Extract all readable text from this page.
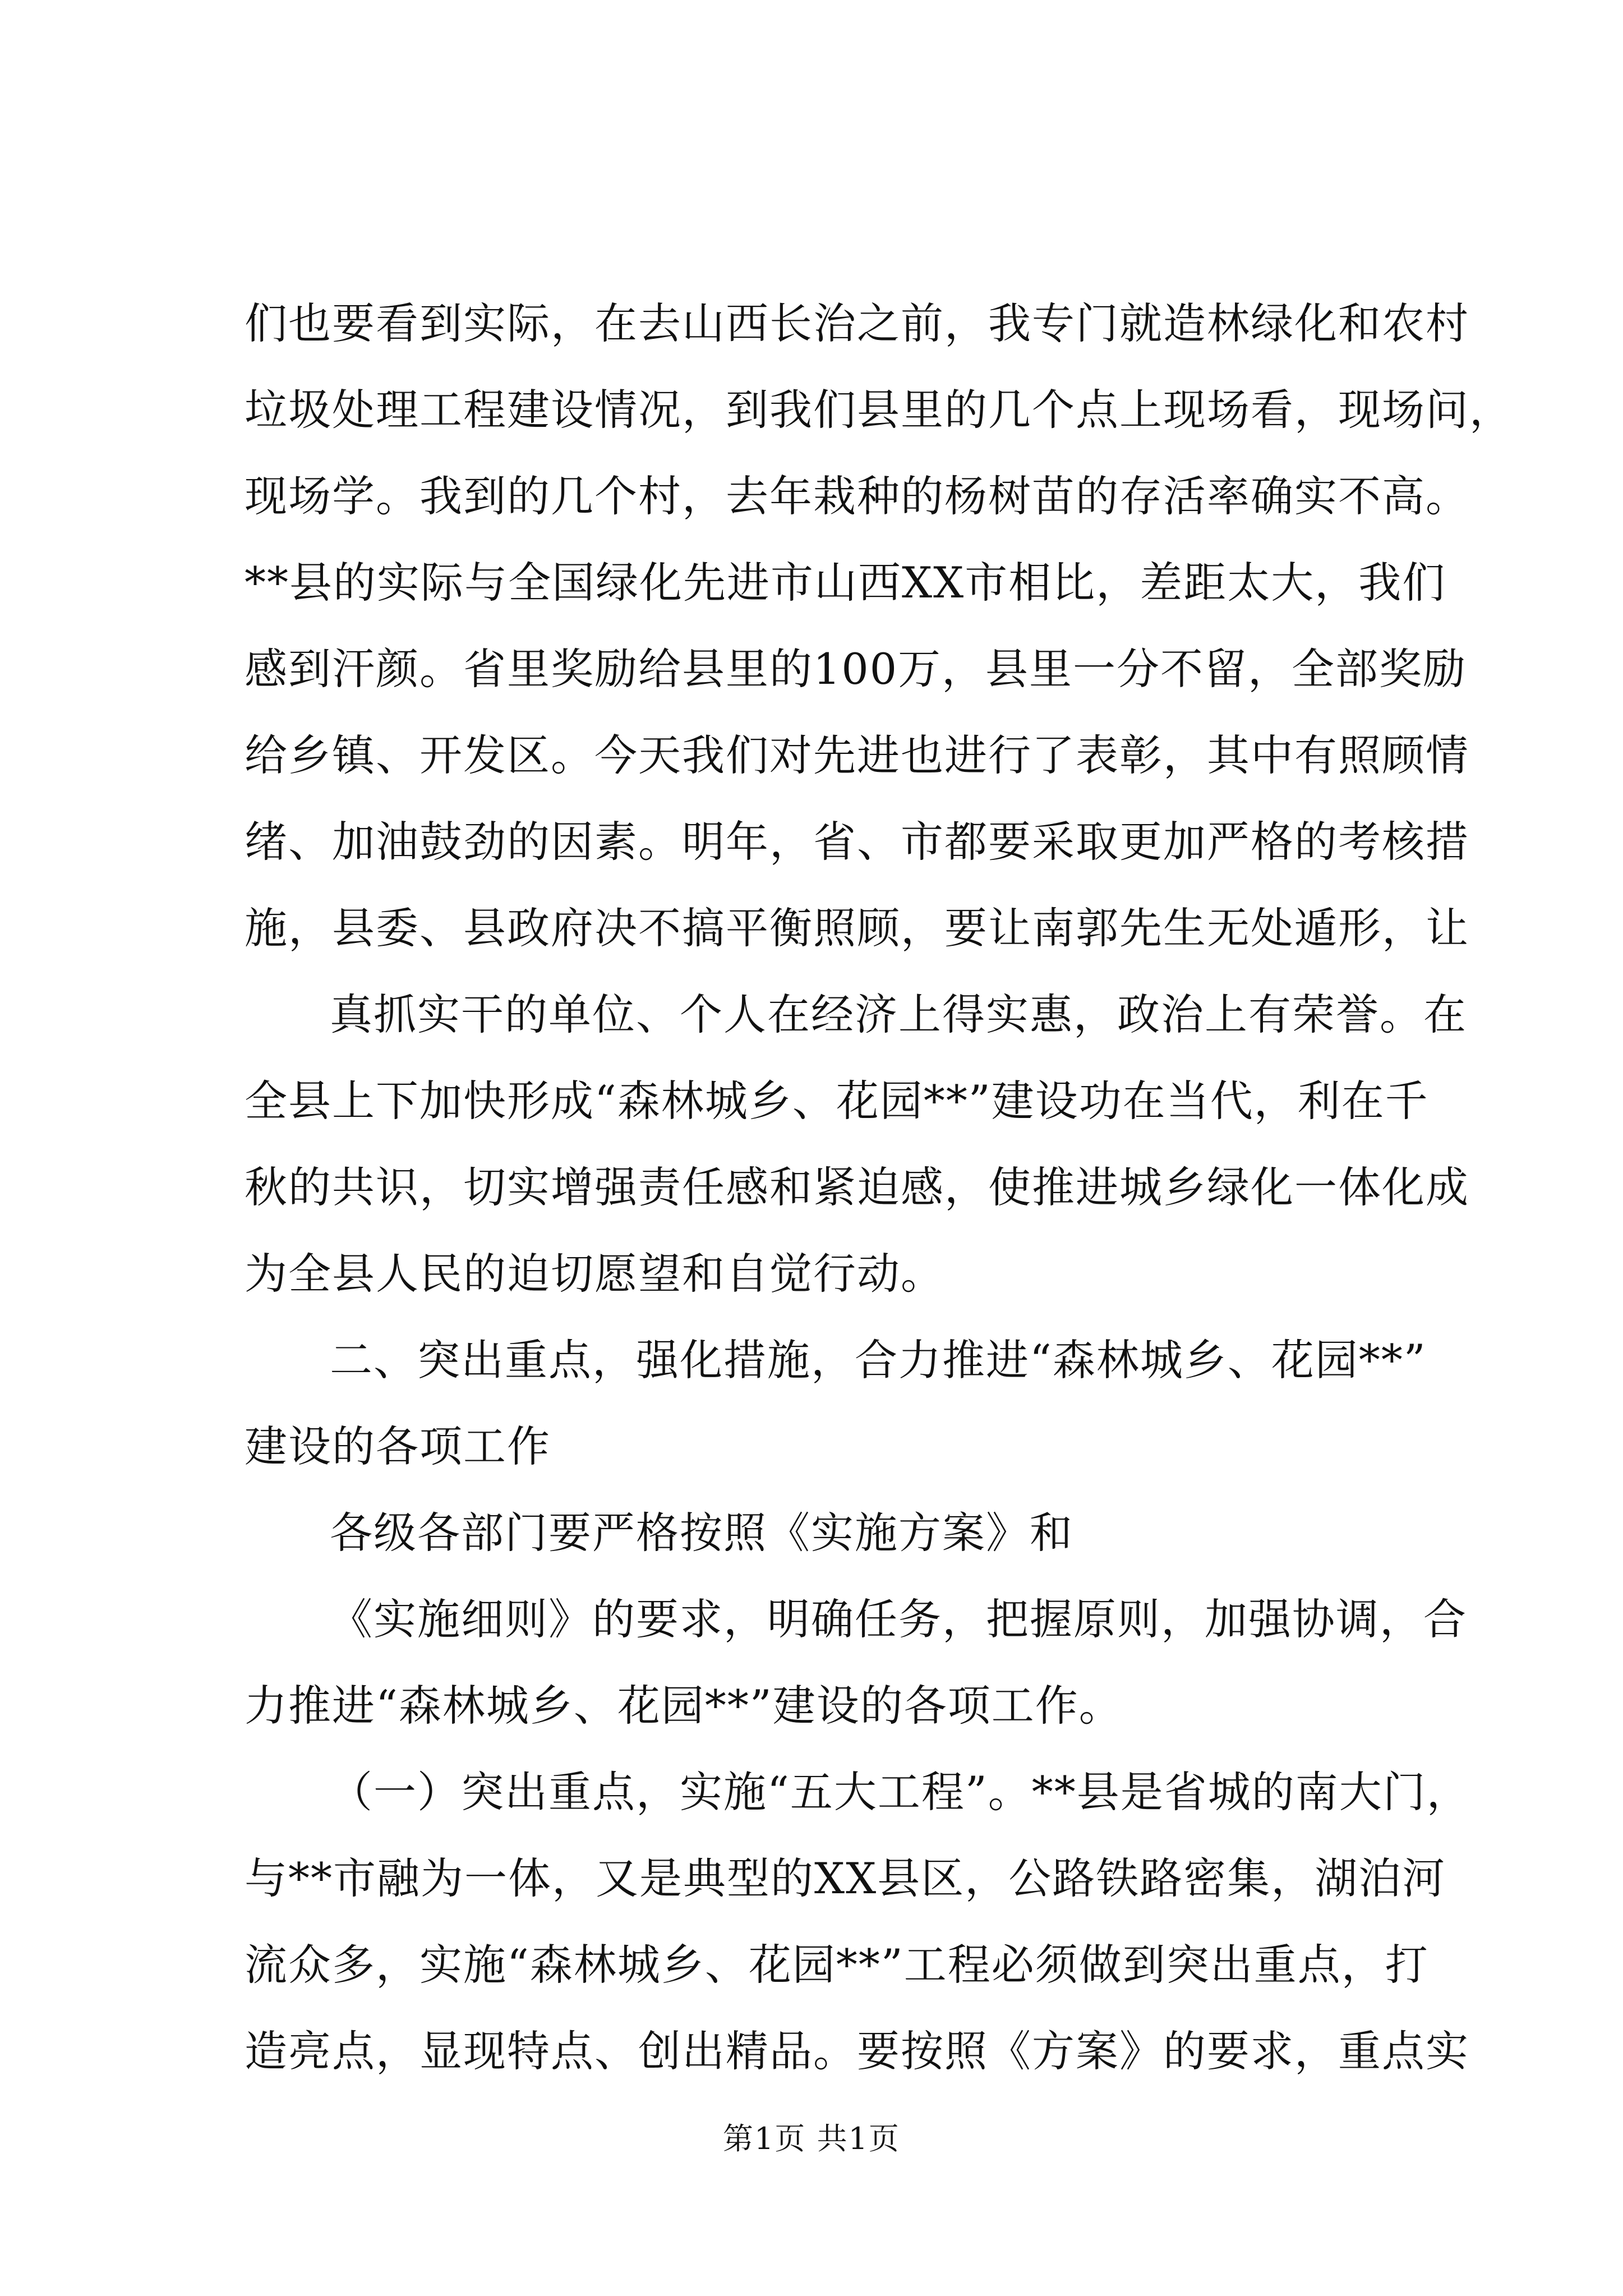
们也要看到实际，在去山西长治之前，我专门就造林绿化和农村
垃圾处理工程建设情况，到我们县里的几个点上现场看，现场问，
现场学。我到的几个村，去年栽种的杨树苗的存活率确实不高。
**县的实际与全国绿化先进市山西XX市相比，差距太大，我们
感到汗颜。省里奖励给县里的100万，县里一分不留，全部奖励
给乡镇、开发区。今天我们对先进也进行了表彰，其中有照顾情
绪、加油鼓劲的因素。明年，省、市都要采取更加严格的考核措
施，县委、县政府决不搞平衡照顾，要让南郭先生无处遁形，让
真抓实干的单位、个人在经济上得实惠，政治上有荣誉。在
全县上下加快形成“森林城乡、花园**”建设功在当代，利在千
秋的共识，切实增强责任感和紧迫感，使推进城乡绿化一体化成
为全县人民的迫切愿望和自觉行动。
二、突出重点，强化措施，合力推进“森林城乡、花园**”
建设的各项工作
各级各部门要严格按照《实施方案》和
《实施细则》的要求，明确任务，把握原则，加强协调，合
力推进“森林城乡、花园**”建设的各项工作。
（一）突出重点，实施“五大工程”。**县是省城的南大门，
与**市融为一体，又是典型的XX县区，公路铁路密集，湖泊河
流众多，实施“森林城乡、花园**”工程必须做到突出重点，打
造亮点，显现特点、创出精品。要按照《方案》的要求，重点实
第1页 共1页
